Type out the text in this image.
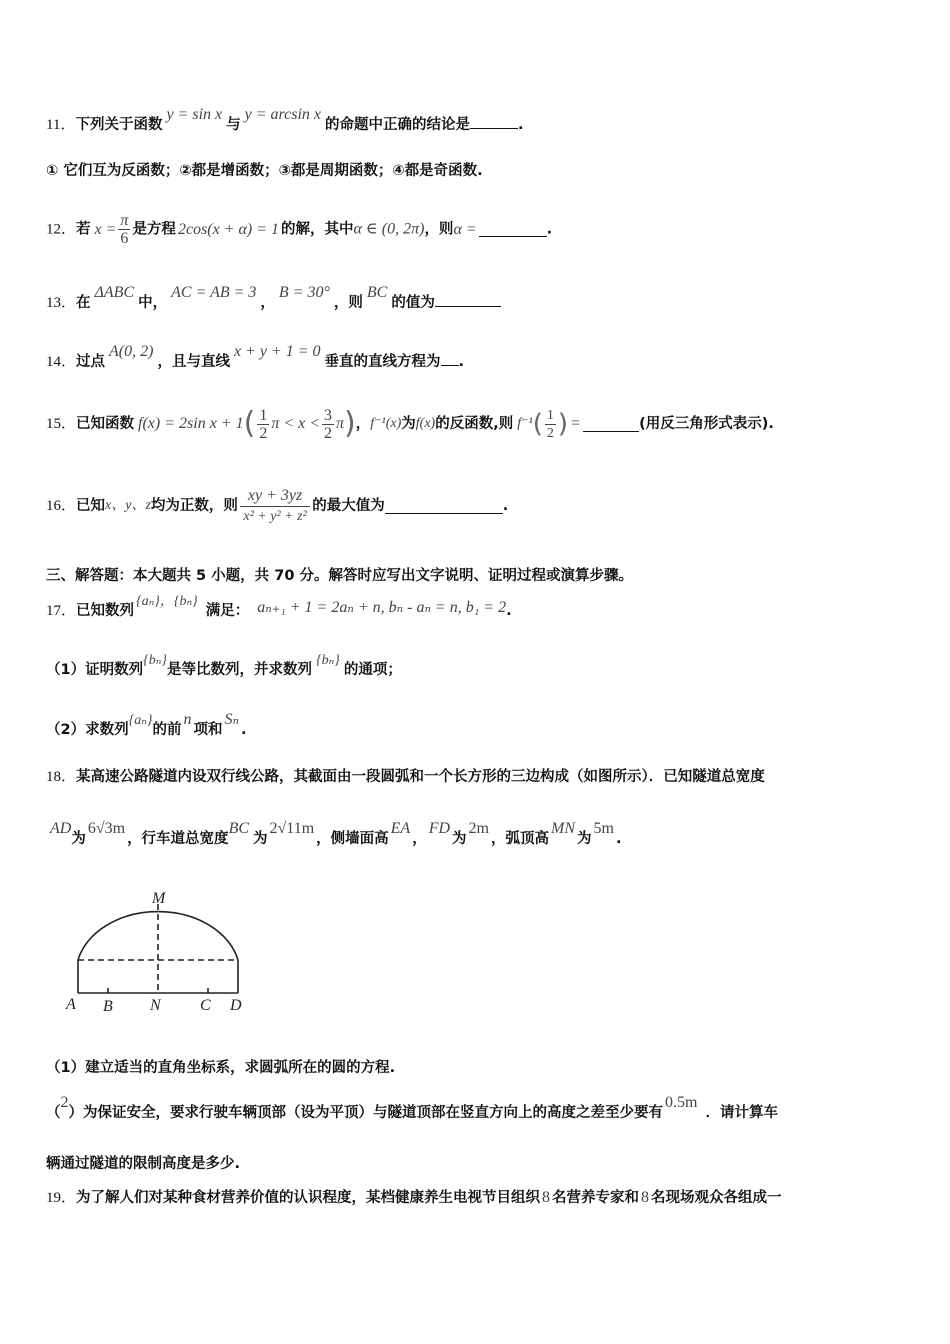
11．下列关于函数y = sin x与y = arcsin x的命题中正确的结论是	.
① 它们互为反函数；②都是增函数；③都是周期函数；④都是奇函数.
12．若 $x = \frac{\pi}{6}$ 是方程 2cos(x + α) = 1 的解，其中α ∈ (0, 2π)，则α =	.
13．在ΔABC中，AC = AB = 3，B = 30°，则BC的值为
14．过点A(0, 2)，且与直线x + y + 1 = 0垂直的直线方程为 .
15． 已知函数 f(x) = 2sin x + 1 ( $\frac{1}{2}$ $\pi < x < \frac{3}{2}$ π ) ， f⁻¹(x) 为 f(x) 的反函数,则 f⁻¹ ( $\frac{1}{2}$ ) =	(用反三角形式表示).
16． 已知 x、y、z 均为正数，则 $\frac{xy + 3yz}{\text{x² + y² + z²}}$ 的最大值为	.
三、解答题：本大题共 5 小题，共 70 分。解答时应写出文字说明、证明过程或演算步骤。
17．已知数列{aₙ}，{bₙ}满足： aₙ₊₁ + 1 = 2aₙ + n, bₙ - aₙ = n, b₁ = 2.
（1）证明数列{bₙ}是等比数列，并求数列{bₙ}的通项；
（2）求数列{aₙ}的前n项和Sₙ.
18．某高速公路隧道内设双行线公路，其截面由一段圆弧和一个长方形的三边构成（如图所示）．已知隧道总宽度
AD为6√3m，行车道总宽度BC为2√11m，侧墙面高EA，FD为2m，弧顶高MN为5m.
M
A B N C D
（1）建立适当的直角坐标系，求圆弧所在的圆的方程.
（2）为保证安全，要求行驶车辆顶部（设为平顶）与隧道顶部在竖直方向上的高度之差至少要有0.5m．请计算车
辆通过隧道的限制高度是多少.
19．为了解人们对某种食材营养价值的认识程度，某档健康养生电视节目组织 8 名营养专家和 8 名现场观众各组成一
